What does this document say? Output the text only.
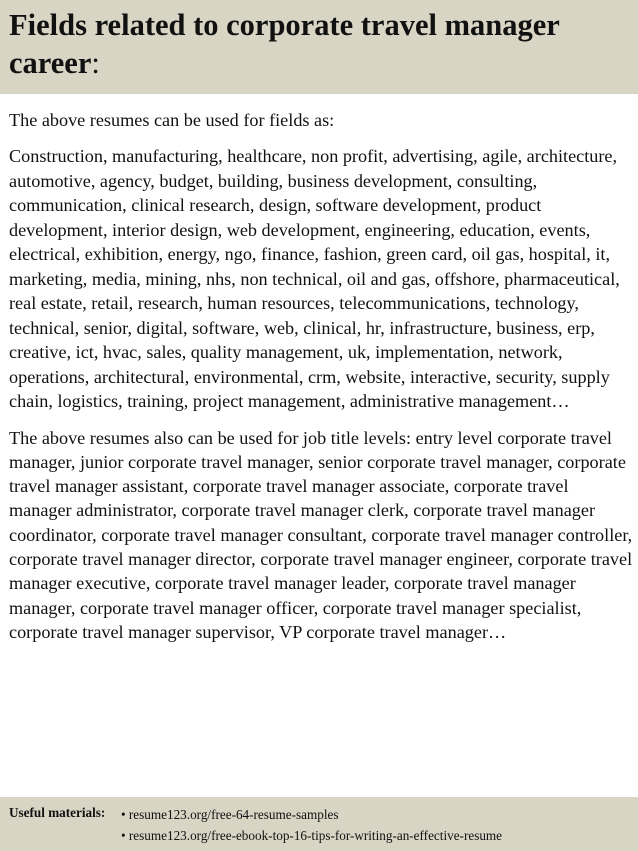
Fields related to corporate travel manager career:

The above resumes can be used for fields as:

Construction, manufacturing, healthcare, non profit, advertising, agile, architecture, automotive, agency, budget, building, business development, consulting, communication, clinical research, design, software development, product development, interior design, web development, engineering, education, events, electrical, exhibition, energy, ngo, finance, fashion, green card, oil gas, hospital, it, marketing, media, mining, nhs, non technical, oil and gas, offshore, pharmaceutical, real estate, retail, research, human resources, telecommunications, technology, technical, senior, digital, software, web, clinical, hr, infrastructure, business, erp, creative, ict, hvac, sales, quality management, uk, implementation, network, operations, architectural, environmental, crm, website, interactive, security, supply chain, logistics, training, project management, administrative management…

The above resumes also can be used for job title levels: entry level corporate travel manager, junior corporate travel manager, senior corporate travel manager, corporate travel manager assistant, corporate travel manager associate, corporate travel manager administrator, corporate travel manager clerk, corporate travel manager coordinator, corporate travel manager consultant, corporate travel manager controller, corporate travel manager director, corporate travel manager engineer, corporate travel manager executive, corporate travel manager leader, corporate travel manager manager, corporate travel manager officer, corporate travel manager specialist, corporate travel manager supervisor, VP corporate travel manager…

Useful materials: • resume123.org/free-64-resume-samples
• resume123.org/free-ebook-top-16-tips-for-writing-an-effective-resume
